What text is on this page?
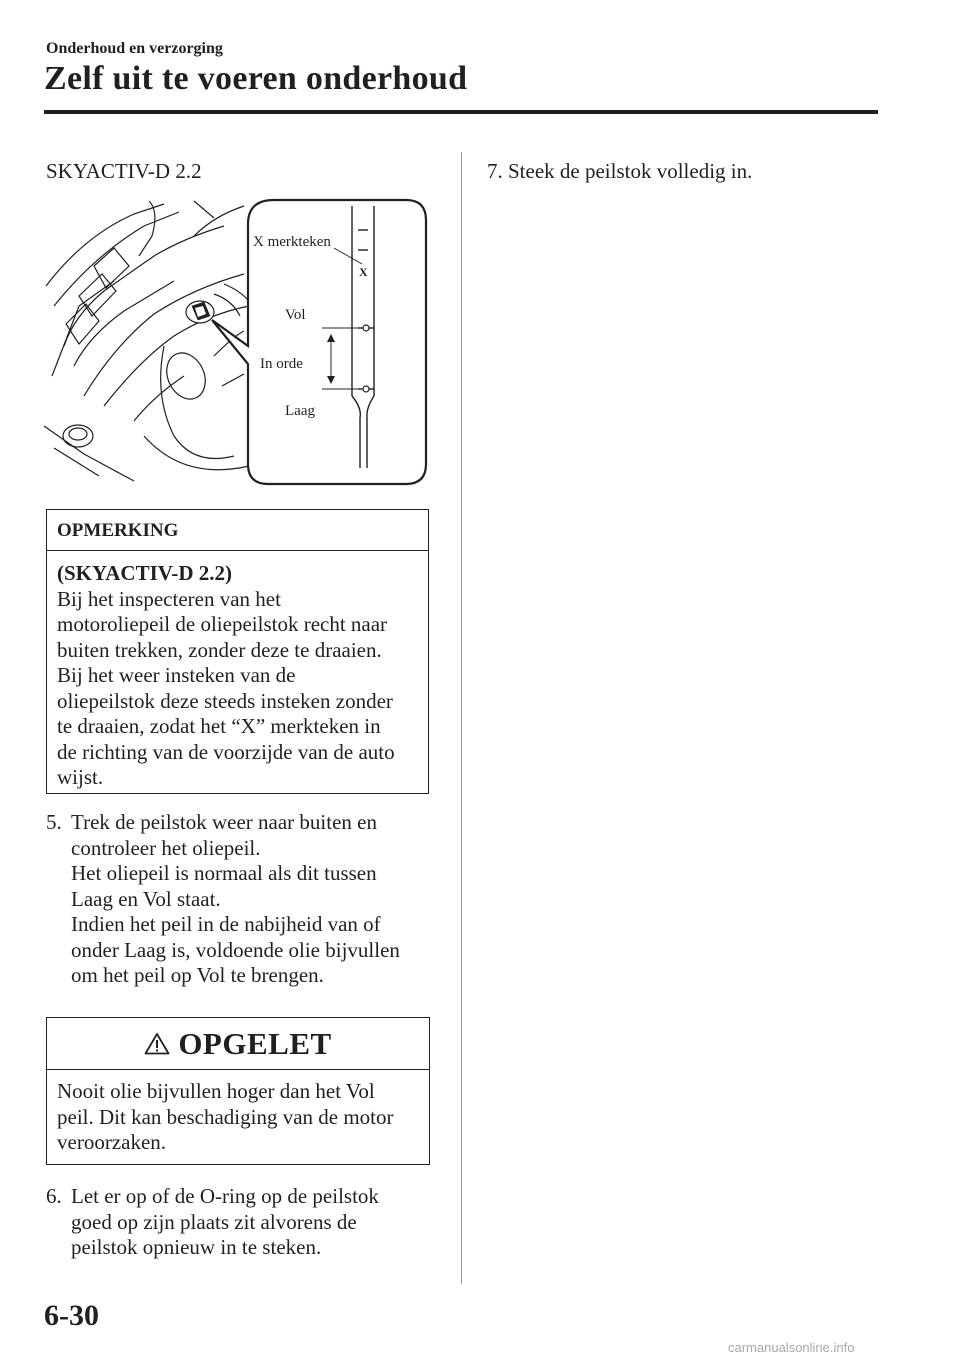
Onderhoud en verzorging
Zelf uit te voeren onderhoud
SKYACTIV-D 2.2
X merkteken
X
Vol
In orde
Laag
OPMERKING
(SKYACTIV-D 2.2)
Bij het inspecteren van het
motoroliepeil de oliepeilstok recht naar
buiten trekken, zonder deze te draaien.
Bij het weer insteken van de
oliepeilstok deze steeds insteken zonder
te draaien, zodat het “X” merkteken in
de richting van de voorzijde van de auto
wijst.
5. Trek de peilstok weer naar buiten en
controleer het oliepeil.
Het oliepeil is normaal als dit tussen
Laag en Vol staat.
Indien het peil in de nabijheid van of
onder Laag is, voldoende olie bijvullen
om het peil op Vol te brengen.
OPGELET
Nooit olie bijvullen hoger dan het Vol
peil. Dit kan beschadiging van de motor
veroorzaken.
6. Let er op of de O-ring op de peilstok
goed op zijn plaats zit alvorens de
peilstok opnieuw in te steken.
7. Steek de peilstok volledig in.
6-30
carmanualsonline.info
